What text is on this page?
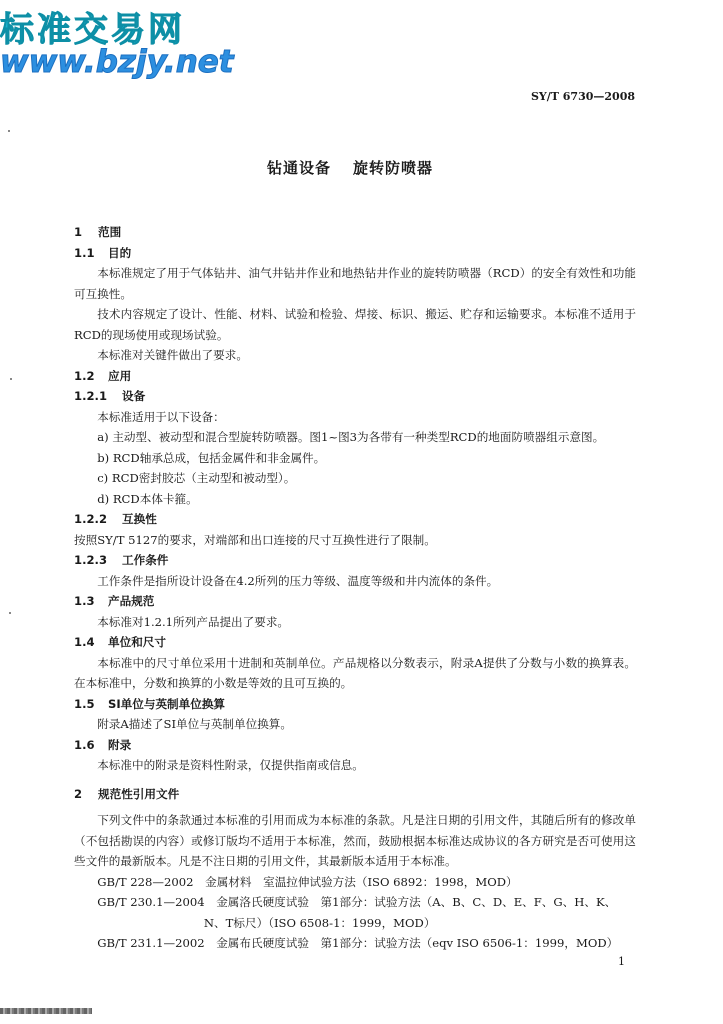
标准交易网
www.bzjy.net
SY/T 6730—2008
钻通设备 旋转防喷器
1 范围
1.1 目的

本标准规定了用于气体钻井、油气井钻井作业和地热钻井作业的旋转防喷器（RCD）的安全有效性和功能可互换性。

技术内容规定了设计、性能、材料、试验和检验、焊接、标识、搬运、贮存和运输要求。本标准不适用于RCD的现场使用或现场试验。

本标准对关键件做出了要求。

1.2 应用
1.2.1 设备

本标准适用于以下设备：

a) 主动型、被动型和混合型旋转防喷器。图1~图3为各带有一种类型RCD的地面防喷器组示意图。
b) RCD轴承总成，包括金属件和非金属件。
c) RCD密封胶芯（主动型和被动型）。
d) RCD本体卡箍。
1.2.2 互换性

按照SY/T 5127的要求，对端部和出口连接的尺寸互换性进行了限制。

1.2.3 工作条件

工作条件是指所设计设备在4.2所列的压力等级、温度等级和井内流体的条件。

1.3 产品规范

本标准对1.2.1所列产品提出了要求。

1.4 单位和尺寸

本标准中的尺寸单位采用十进制和英制单位。产品规格以分数表示，附录A提供了分数与小数的换算表。在本标准中，分数和换算的小数是等效的且可互换的。

1.5 SI单位与英制单位换算

附录A描述了SI单位与英制单位换算。

1.6 附录

本标准中的附录是资料性附录，仅提供指南或信息。

2 规范性引用文件

下列文件中的条款通过本标准的引用而成为本标准的条款。凡是注日期的引用文件，其随后所有的修改单（不包括勘误的内容）或修订版均不适用于本标准，然而，鼓励根据本标准达成协议的各方研究是否可使用这些文件的最新版本。凡是不注日期的引用文件，其最新版本适用于本标准。

GB/T 228—2002　 金属材料　室温拉伸试验方法（ISO 6892：1998，MOD）
GB/T 230.1—2004　 金属洛氏硬度试验　第1部分：试验方法（A、B、C、D、E、F、G、H、K、N、T标尺）（ISO 6508-1：1999，MOD）
GB/T 231.1—2002　 金属布氏硬度试验　第1部分：试验方法（eqv ISO 6506-1：1999，MOD）
1
